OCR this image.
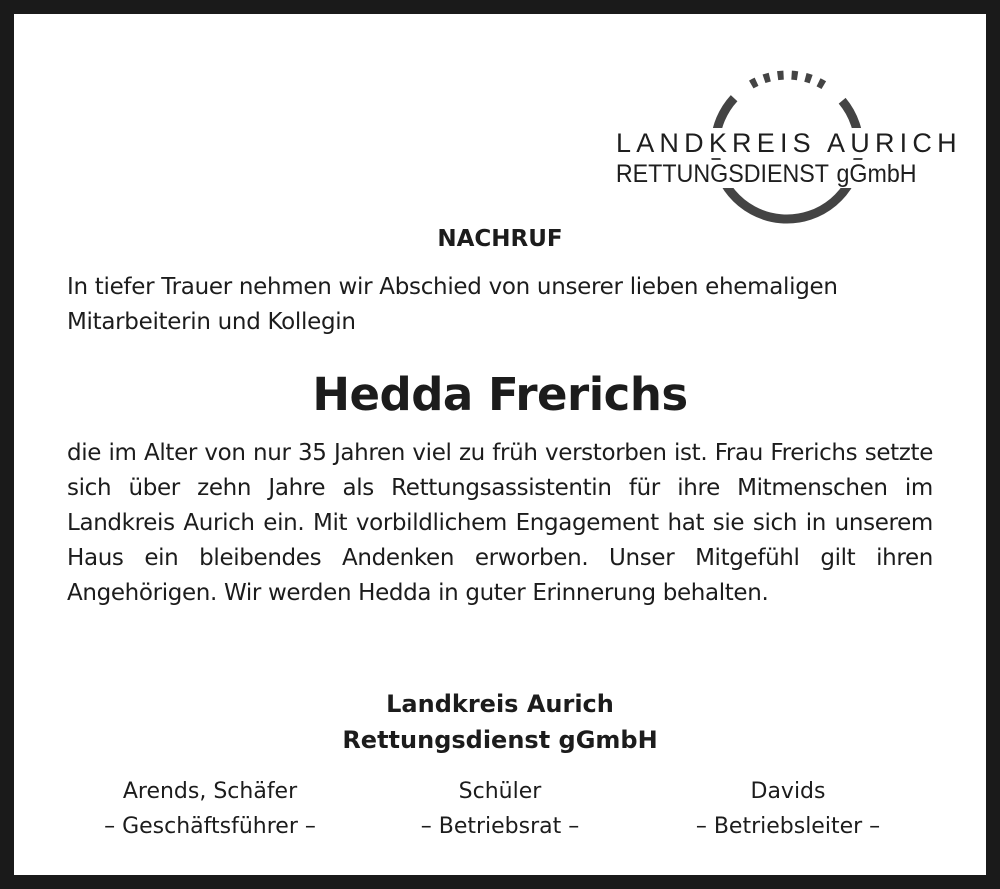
LANDKREIS AURICH
RETTUNGSDIENST gGmbH
NACHRUF
In tiefer Trauer nehmen wir Abschied von unserer lieben ehemaligen Mitarbeiterin und Kollegin
Hedda Frerichs
die im Alter von nur 35 Jahren viel zu früh verstorben ist. Frau Frerichs setzte sich über zehn Jahre als Rettungsassistentin für ihre Mitmenschen im Landkreis Aurich ein. Mit vorbildlichem Engagement hat sie sich in unserem Haus ein bleibendes Andenken erworben. Unser Mitgefühl gilt ihren Angehörigen. Wir werden Hedda in guter Erinnerung behalten.
Landkreis Aurich
Rettungsdienst gGmbH
Arends, Schäfer
– Geschäftsführer –
Schüler
– Betriebsrat –
Davids
– Betriebsleiter –
